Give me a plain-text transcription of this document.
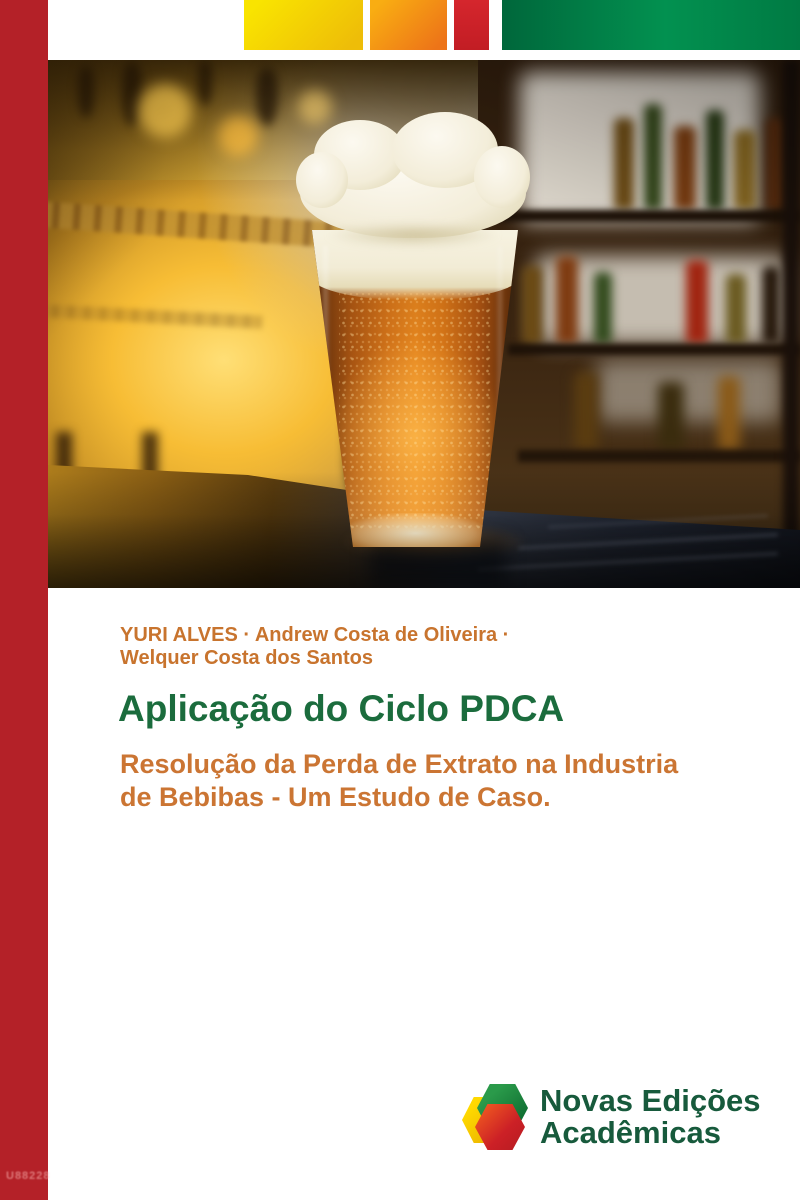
U88228
YURI ALVES · Andrew Costa de Oliveira ·
Welquer Costa dos Santos
Aplicação do Ciclo PDCA
Resolução da Perda de Extrato na Industria
de Bebibas - Um Estudo de Caso.
Novas Edições
Acadêmicas
